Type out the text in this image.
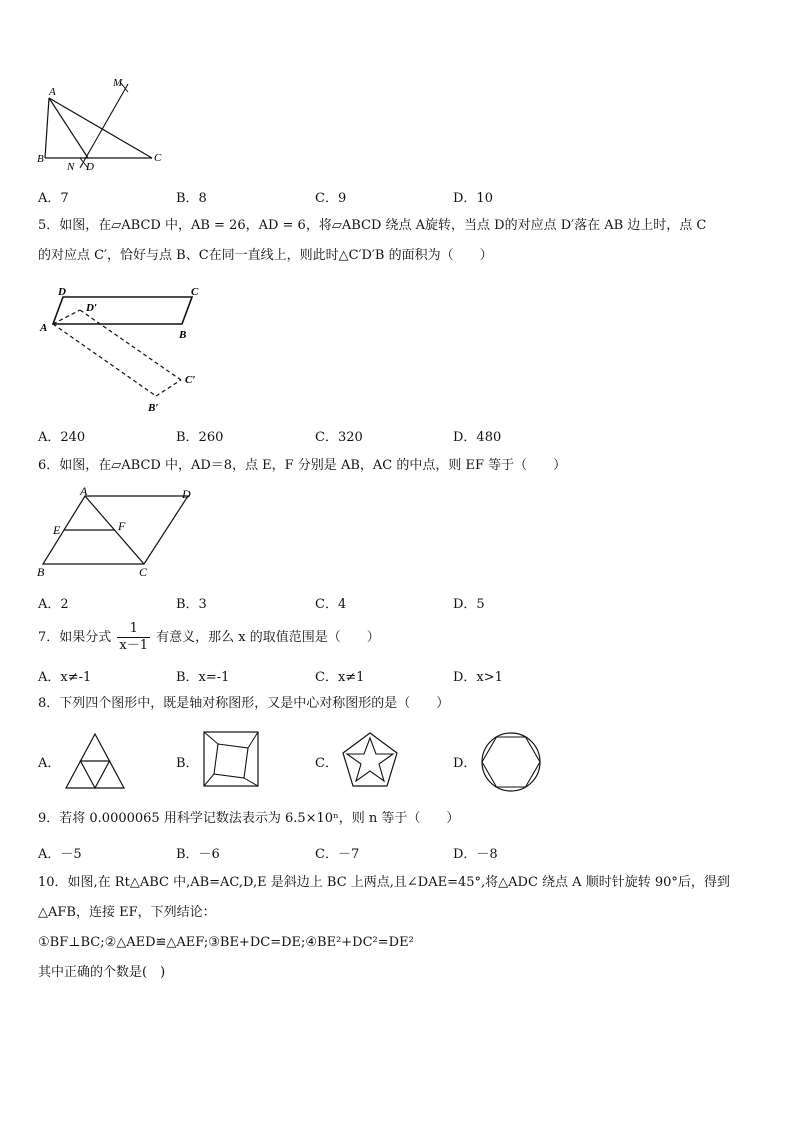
A
M
B
N D
C
A．7	B．8	C．9	D．10
5．如图，在▱ABCD 中，AB = 26，AD = 6，将▱ABCD 绕点 A旋转，当点 D的对应点 D′落在 AB 边上时，点 C
的对应点 C′，恰好与点 B、C在同一直线上，则此时△C′D′B 的面积为（　　）
D	C
D′
A
B
C′
B′
A．240	B．260	C．320	D．480
6．如图，在▱ABCD 中，AD＝8，点 E，F 分别是 AB，AC 的中点，则 EF 等于（　　）
A	D
E	F
B	C
A．2	B．3	C．4	D．5
7．如果分式 $\frac{1}{x-1}$ 有意义，那么 x 的取值范围是（　　）
A．x≠-1	B．x=-1	C．x≠1	D．x>1
8．下列四个图形中，既是轴对称图形，又是中心对称图形的是（　　）
A．	B．	C．	D．
9．若将 0.0000065 用科学记数法表示为 6.5×10ⁿ，则 n 等于（　　）
A．－5	B．－6	C．－7	D．－8
10．如图,在 Rt△ABC 中,AB=AC,D,E 是斜边上 BC 上两点,且∠DAE=45°,将△ADC 绕点 A 顺时针旋转 90°后，得到
△AFB，连接 EF，下列结论：
①BF⊥BC;②△AED≌△AEF;③BE+DC=DE;④BE²+DC²=DE²
其中正确的个数是(　)
